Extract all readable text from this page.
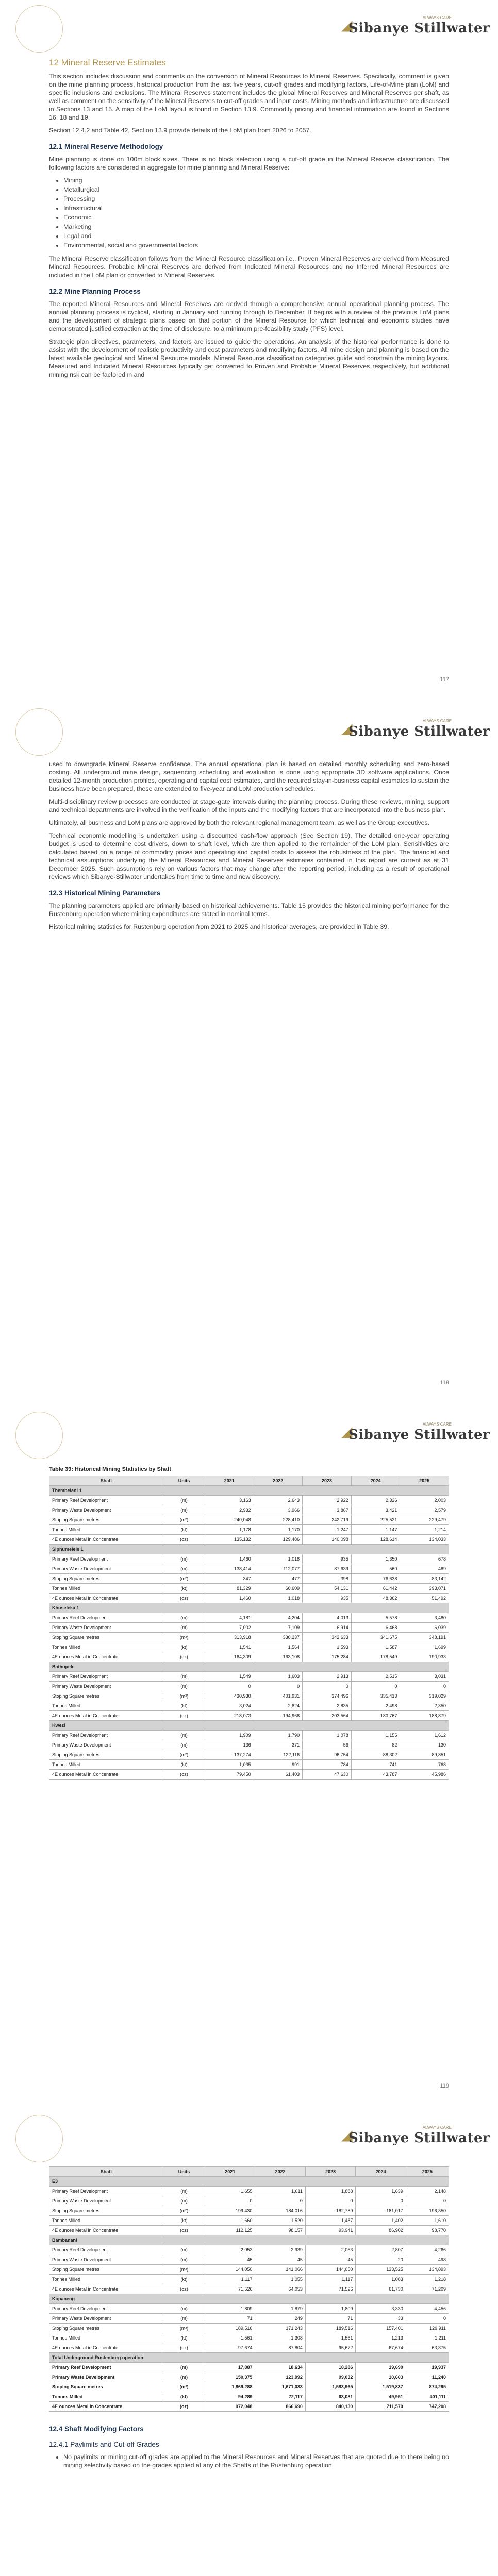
◢	ALWAYS CARE
Sibanye Stillwater
12 Mineral Reserve Estimates

This section includes discussion and comments on the conversion of Mineral Resources to Mineral Reserves. Specifically, comment is given on the mine planning process, historical production from the last five years, cut-off grades and modifying factors, Life-of-Mine plan (LoM) and specific inclusions and exclusions. The Mineral Reserves statement includes the global Mineral Reserves and Mineral Reserves per shaft, as well as comment on the sensitivity of the Mineral Reserves to cut-off grades and input costs. Mining methods and infrastructure are discussed in Sections 13 and 15. A map of the LoM layout is found in Section 13.9. Commodity pricing and financial information are found in Sections 16, 18 and 19.

Section 12.4.2 and Table 42, Section 13.9 provide details of the LoM plan from 2026 to 2057.

12.1 Mineral Reserve Methodology

Mine planning is done on 100m block sizes. There is no block selection using a cut-off grade in the Mineral Reserve classification. The following factors are considered in aggregate for mine planning and Mineral Reserve:

• Mining
• Metallurgical
• Processing
• Infrastructural
• Economic
• Marketing
• Legal and
• Environmental, social and governmental factors

The Mineral Reserve classification follows from the Mineral Resource classification i.e., Proven Mineral Reserves are derived from Measured Mineral Resources. Probable Mineral Reserves are derived from Indicated Mineral Resources and no Inferred Mineral Resources are included in the LoM plan or converted to Mineral Reserves.

12.2 Mine Planning Process

The reported Mineral Resources and Mineral Reserves are derived through a comprehensive annual operational planning process. The annual planning process is cyclical, starting in January and running through to December. It begins with a review of the previous LoM plans and the development of strategic plans based on that portion of the Mineral Resource for which technical and economic studies have demonstrated justified extraction at the time of disclosure, to a minimum pre-feasibility study (PFS) level.

Strategic plan directives, parameters, and factors are issued to guide the operations. An analysis of the historical performance is done to assist with the development of realistic productivity and cost parameters and modifying factors. All mine design and planning is based on the latest available geological and Mineral Resource models. Mineral Resource classification categories guide and constrain the mining layouts. Measured and Indicated Mineral Resources typically get converted to Proven and Probable Mineral Reserves respectively, but additional mining risk can be factored in and

117
◢	ALWAYS CARE
Sibanye Stillwater

used to downgrade Mineral Reserve confidence. The annual operational plan is based on detailed monthly scheduling and zero-based costing. All underground mine design, sequencing scheduling and evaluation is done using appropriate 3D software applications. Once detailed 12-month production profiles, operating and capital cost estimates, and the required stay-in-business capital estimates to sustain the business have been prepared, these are extended to five-year and LoM production schedules.

Multi-disciplinary review processes are conducted at stage-gate intervals during the planning process. During these reviews, mining, support and technical departments are involved in the verification of the inputs and the modifying factors that are incorporated into the business plan.

Ultimately, all business and LoM plans are approved by both the relevant regional management team, as well as the Group executives.

Technical economic modelling is undertaken using a discounted cash-flow approach (See Section 19). The detailed one-year operating budget is used to determine cost drivers, down to shaft level, which are then applied to the remainder of the LoM plan. Sensitivities are calculated based on a range of commodity prices and operating and capital costs to assess the robustness of the plan. The financial and technical assumptions underlying the Mineral Resources and Mineral Reserves estimates contained in this report are current as at 31 December 2025. Such assumptions rely on various factors that may change after the reporting period, including as a result of operational reviews which Sibanye-Stillwater undertakes from time to time and new discovery.

12.3 Historical Mining Parameters

The planning parameters applied are primarily based on historical achievements. Table 15 provides the historical mining performance for the Rustenburg operation where mining expenditures are stated in nominal terms.

Historical mining statistics for Rustenburg operation from 2021 to 2025 and historical averages, are provided in Table 39.

118
◢	ALWAYS CARE
Sibanye Stillwater
Table 39: Historical Mining Statistics by Shaft
Shaft	Units	2021	2022	2023	2024	2025
Thembelani 1						
Primary Reef Development	(m)	3,163	2,643	2,922	2,326	2,003
Primary Waste Development	(m)	2,932	3,966	3,867	3,421	2,579
Stoping Square metres	(m²)	240,048	228,410	242,719	225,521	229,479
Tonnes Milled	(kt)	1,178	1,170	1,247	1,147	1,214
4E ounces Metal in Concentrate	(oz)	135,132	129,486	140,098	128,614	134,033
Siphumelele 1						
Primary Reef Development	(m)	1,460	1,018	935	1,350	678
Primary Waste Development	(m)	138,414	112,077	87,639	560	489
Stoping Square metres	(m²)	347	477	398	76,638	83,142
Tonnes Milled	(kt)	81,329	60,609	54,131	61,442	393,071
4E ounces Metal in Concentrate	(oz)	1,460	1,018	935	48,362	51,492
Khuseleka 1						
Primary Reef Development	(m)	4,181	4,204	4,013	5,578	3,480
Primary Waste Development	(m)	7,002	7,109	6,914	6,468	6,039
Stoping Square metres	(m²)	313,918	330,237	342,633	341,675	348,191
Tonnes Milled	(kt)	1,541	1,564	1,593	1,587	1,699
4E ounces Metal in Concentrate	(oz)	164,309	163,108	175,284	178,549	190,933
Bathopele						
Primary Reef Development	(m)	1,549	1,603	2,913	2,515	3,031
Primary Waste Development	(m)	0	0	0	0	0
Stoping Square metres	(m²)	430,930	401,931	374,496	335,413	319,029
Tonnes Milled	(kt)	3,024	2,824	2,835	2,498	2,350
4E ounces Metal in Concentrate	(oz)	218,073	194,968	203,564	180,767	188,879
Kwezi						
Primary Reef Development	(m)	1,909	1,790	1,078	1,155	1,612
Primary Waste Development	(m)	136	371	56	82	130
Stoping Square metres	(m²)	137,274	122,116	96,754	88,302	89,851
Tonnes Milled	(kt)	1,035	991	784	741	768
4E ounces Metal in Concentrate	(oz)	79,450	61,403	47,630	43,787	45,986
119
◢	ALWAYS CARE
Sibanye Stillwater
Shaft	Units	2021	2022	2023	2024	2025
E3						
Primary Reef Development	(m)	1,655	1,611	1,888	1,639	2,148
Primary Waste Development	(m)	0	0	0	0	0
Stoping Square metres	(m²)	199,430	184,016	182,789	181,017	196,350
Tonnes Milled	(kt)	1,660	1,520	1,487	1,402	1,610
4E ounces Metal in Concentrate	(oz)	112,125	98,157	93,941	86,902	98,770
Bambanani						
Primary Reef Development	(m)	2,053	2,939	2,053	2,807	4,266
Primary Waste Development	(m)	45	45	45	20	498
Stoping Square metres	(m²)	144,050	141,066	144,050	133,525	134,893
Tonnes Milled	(kt)	1,117	1,055	1,117	1,083	1,218
4E ounces Metal in Concentrate	(oz)	71,526	64,053	71,526	61,730	71,209
Kopaneng						
Primary Reef Development	(m)	1,809	1,879	1,809	3,330	4,456
Primary Waste Development	(m)	71	249	71	33	0
Stoping Square metres	(m²)	189,516	171,243	189,516	157,401	129,911
Tonnes Milled	(kt)	1,561	1,308	1,561	1,213	1,211
4E ounces Metal in Concentrate	(oz)	97,674	87,804	95,672	67,674	63,875
Total Underground Rustenburg operation						
Primary Reef Development	(m)	17,887	18,634	18,286	19,690	19,937
Primary Waste Development	(m)	150,375	123,992	99,032	10,603	11,240
Stoping Square metres	(m²)	1,869,288	1,671,033	1,583,965	1,519,837	874,295
Tonnes Milled	(kt)	94,289	72,117	63,081	49,951	401,111
4E ounces Metal in Concentrate	(oz)	972,048	866,690	840,130	711,570	747,208
12.4 Shaft Modifying Factors
12.4.1 Paylimits and Cut-off Grades
• No paylimits or mining cut-off grades are applied to the Mineral Resources and Mineral Reserves that are quoted due to there being no mining selectivity based on the grades applied at any of the Shafts of the Rustenburg operation
